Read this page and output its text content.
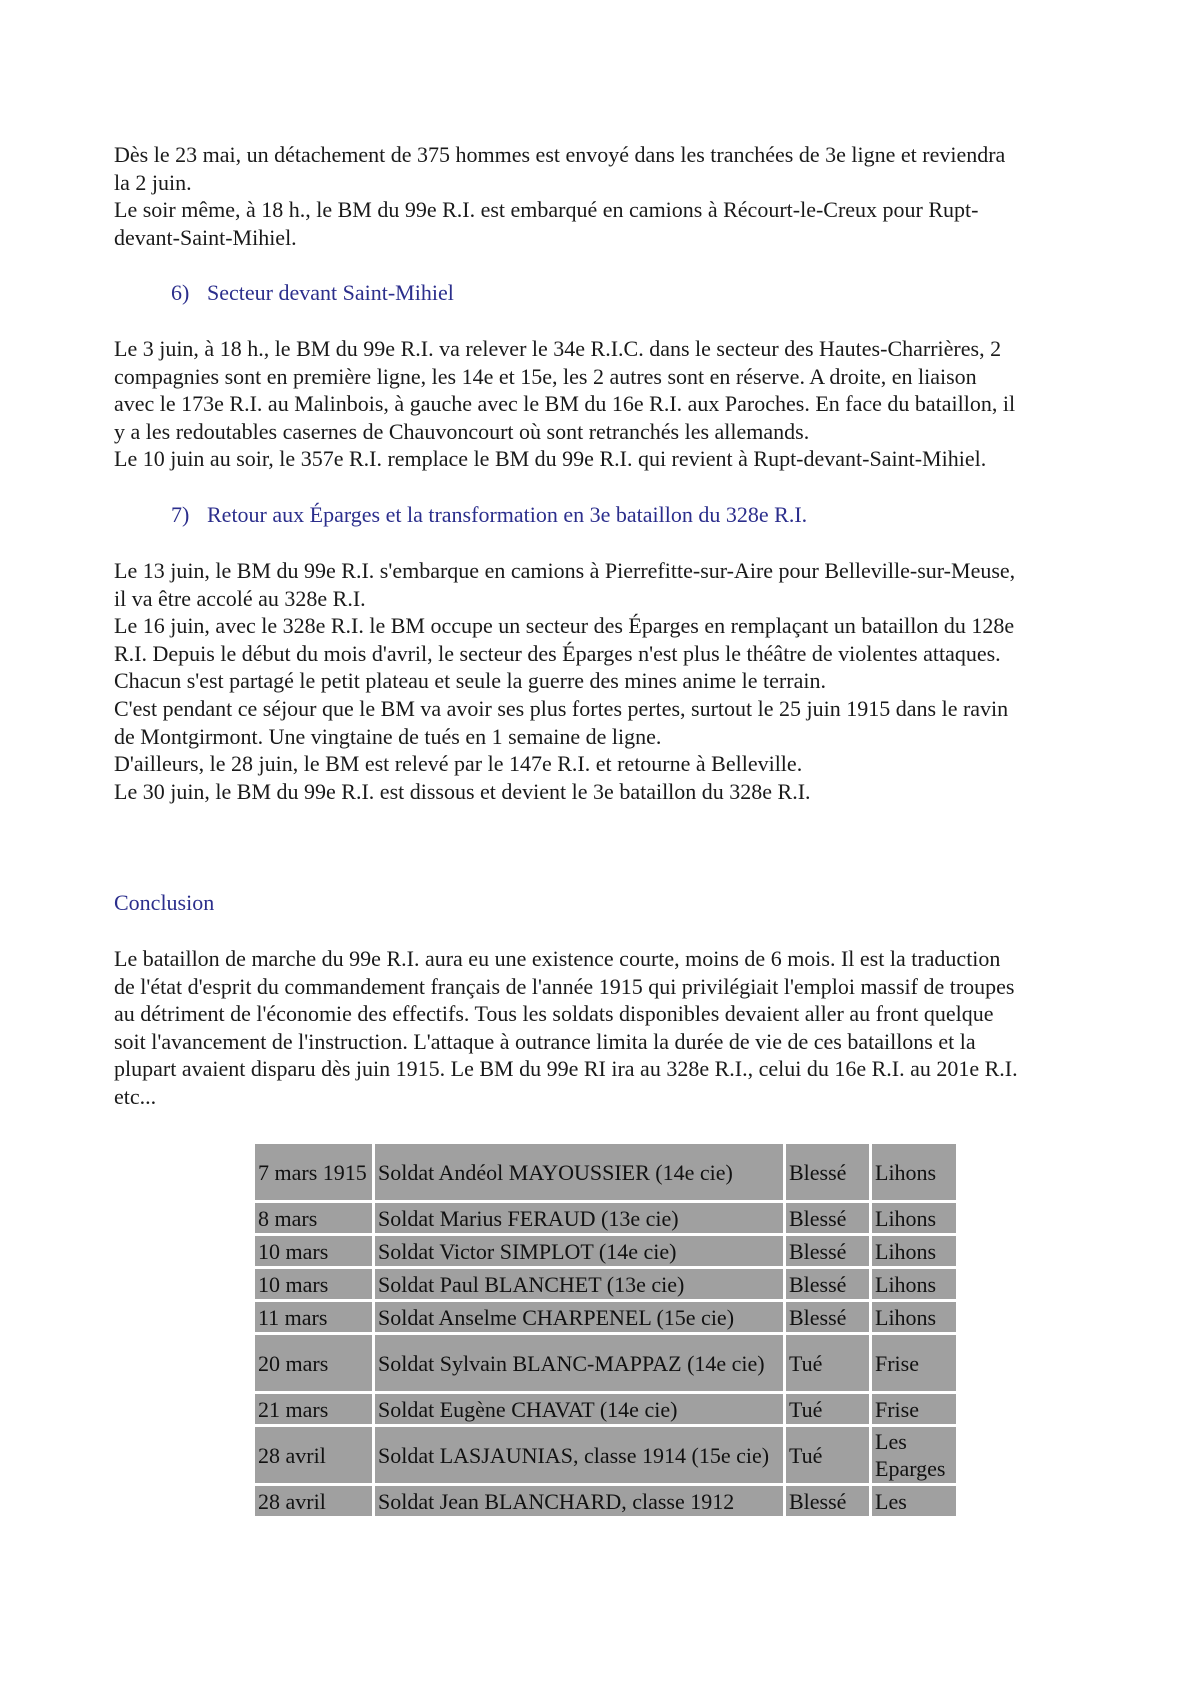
Dès le 23 mai, un détachement de 375 hommes est envoyé dans les tranchées de 3e ligne et reviendra
la 2 juin.
Le soir même, à 18 h., le BM du 99e R.I. est embarqué en camions à Récourt-le-Creux pour Rupt-
devant-Saint-Mihiel.
6) Secteur devant Saint-Mihiel
Le 3 juin, à 18 h., le BM du 99e R.I. va relever le 34e R.I.C. dans le secteur des Hautes-Charrières, 2
compagnies sont en première ligne, les 14e et 15e, les 2 autres sont en réserve. A droite, en liaison
avec le 173e R.I. au Malinbois, à gauche avec le BM du 16e R.I. aux Paroches. En face du bataillon, il
y a les redoutables casernes de Chauvoncourt où sont retranchés les allemands.
Le 10 juin au soir, le 357e R.I. remplace le BM du 99e R.I. qui revient à Rupt-devant-Saint-Mihiel.
7) Retour aux Éparges et la transformation en 3e bataillon du 328e R.I.
Le 13 juin, le BM du 99e R.I. s'embarque en camions à Pierrefitte-sur-Aire pour Belleville-sur-Meuse,
il va être accolé au 328e R.I.
Le 16 juin, avec le 328e R.I. le BM occupe un secteur des Éparges en remplaçant un bataillon du 128e
R.I. Depuis le début du mois d'avril, le secteur des Éparges n'est plus le théâtre de violentes attaques.
Chacun s'est partagé le petit plateau et seule la guerre des mines anime le terrain.
C'est pendant ce séjour que le BM va avoir ses plus fortes pertes, surtout le 25 juin 1915 dans le ravin
de Montgirmont. Une vingtaine de tués en 1 semaine de ligne.
D'ailleurs, le 28 juin, le BM est relevé par le 147e R.I. et retourne à Belleville.
Le 30 juin, le BM du 99e R.I. est dissous et devient le 3e bataillon du 328e R.I.
Conclusion
Le bataillon de marche du 99e R.I. aura eu une existence courte, moins de 6 mois. Il est la traduction
de l'état d'esprit du commandement français de l'année 1915 qui privilégiait l'emploi massif de troupes
au détriment de l'économie des effectifs. Tous les soldats disponibles devaient aller au front quelque
soit l'avancement de l'instruction. L'attaque à outrance limita la durée de vie de ces bataillons et la
plupart avaient disparu dès juin 1915. Le BM du 99e RI ira au 328e R.I., celui du 16e R.I. au 201e R.I.
etc...
7 mars 1915	Soldat Andéol MAYOUSSIER (14e cie)	Blessé	Lihons
8 mars	Soldat Marius FERAUD (13e cie)	Blessé	Lihons
10 mars	Soldat Victor SIMPLOT (14e cie)	Blessé	Lihons
10 mars	Soldat Paul BLANCHET (13e cie)	Blessé	Lihons
11 mars	Soldat Anselme CHARPENEL (15e cie)	Blessé	Lihons
20 mars	Soldat Sylvain BLANC-MAPPAZ (14e cie)	Tué	Frise
21 mars	Soldat Eugène CHAVAT (14e cie)	Tué	Frise
28 avril	Soldat LASJAUNIAS, classe 1914 (15e cie)	Tué	Les Eparges
28 avril	Soldat Jean BLANCHARD, classe 1912	Blessé	Les
